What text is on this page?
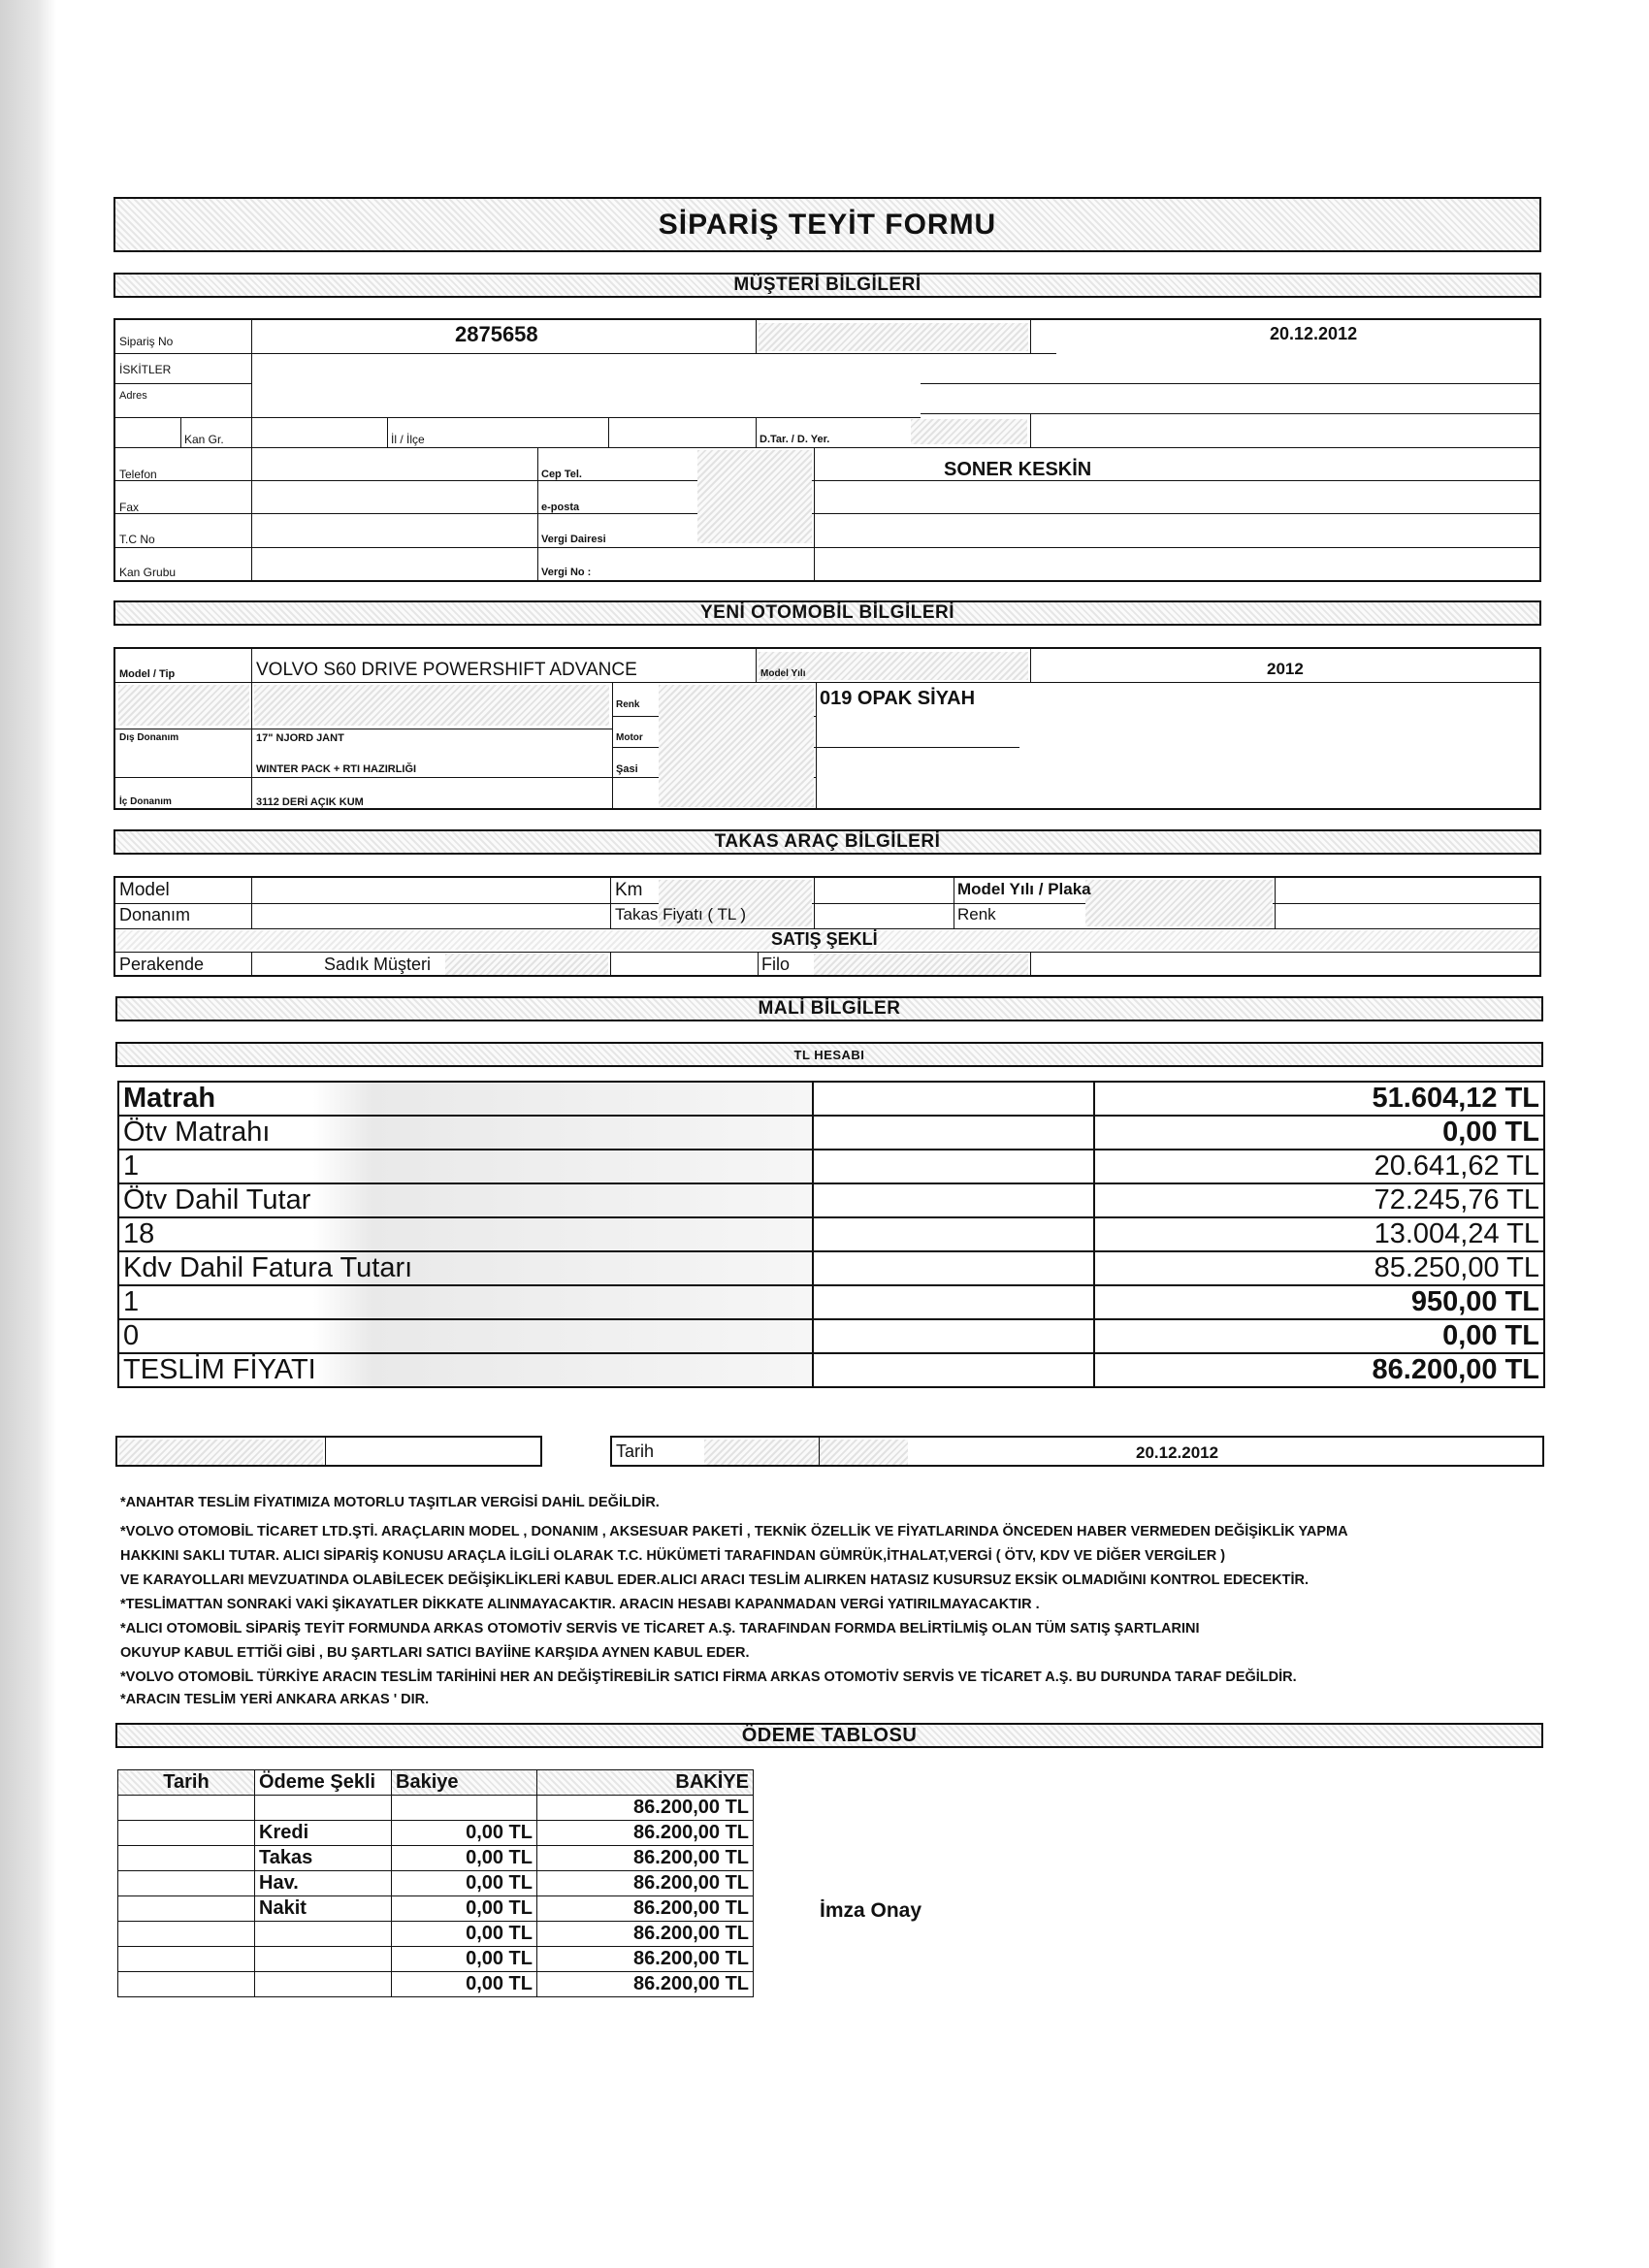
SİPARİŞ TEYİT FORMU
MÜŞTERİ BİLGİLERİ
Sipariş No	2875658	20.12.2012
İSKİTLER
Adres
Kan Gr.	İl / İlçe	D.Tar. / D. Yer.
Telefon	Cep Tel.	SONER KESKİN
Fax	e-posta
T.C No	Vergi Dairesi
Kan Grubu	Vergi No :
YENİ OTOMOBİL BİLGİLERİ
Model / Tip	VOLVO S60 DRIVE POWERSHIFT ADVANCE	Model Yılı	2012
Renk	019 OPAK SİYAH
Dış Donanım	17" NJORD JANT	Motor
WINTER PACK + RTI HAZIRLIĞI	Şasi
İç Donanım	3112 DERİ AÇIK KUM
TAKAS ARAÇ BİLGİLERİ
Model	Km	Model Yılı / Plaka
Donanım	Takas Fiyatı ( TL )	Renk
SATIŞ ŞEKLİ
Perakende	Sadık Müşteri	Filo
MALİ BİLGİLER
TL HESABI
Matrah		51.604,12 TL
Ötv Matrahı		0,00 TL
1		20.641,62 TL
Ötv Dahil Tutar		72.245,76 TL
18		13.004,24 TL
Kdv Dahil Fatura Tutarı		85.250,00 TL
1		950,00 TL
0		0,00 TL
TESLİM FİYATI		86.200,00 TL
Tarih	20.12.2012
*ANAHTAR TESLİM FİYATIMIZA MOTORLU TAŞITLAR VERGİSİ DAHİL DEĞİLDİR.
*VOLVO OTOMOBİL TİCARET LTD.ŞTİ. ARAÇLARIN MODEL , DONANIM , AKSESUAR PAKETİ , TEKNİK ÖZELLİK VE FİYATLARINDA ÖNCEDEN HABER VERMEDEN DEĞİŞİKLİK YAPMA
HAKKINI SAKLI TUTAR. ALICI SİPARİŞ KONUSU ARAÇLA İLGİLİ OLARAK T.C. HÜKÜMETİ TARAFINDAN GÜMRÜK,İTHALAT,VERGİ ( ÖTV, KDV VE DİĞER VERGİLER )
VE KARAYOLLARI MEVZUATINDA OLABİLECEK DEĞİŞİKLİKLERİ KABUL EDER.ALICI ARACI TESLİM ALIRKEN HATASIZ KUSURSUZ EKSİK OLMADIĞINI KONTROL EDECEKTİR.
*TESLİMATTAN SONRAKİ VAKİ ŞİKAYATLER DİKKATE ALINMAYACAKTIR. ARACIN HESABI KAPANMADAN VERGİ YATIRILMAYACAKTIR .
*ALICI OTOMOBİL SİPARİŞ TEYİT FORMUNDA ARKAS OTOMOTİV SERVİS VE TİCARET A.Ş. TARAFINDAN FORMDA BELİRTİLMİŞ OLAN TÜM SATIŞ ŞARTLARINI
OKUYUP KABUL ETTİĞİ GİBİ , BU ŞARTLARI SATICI BAYİİNE KARŞIDA AYNEN KABUL EDER.
*VOLVO OTOMOBİL TÜRKİYE ARACIN TESLİM TARİHİNİ HER AN DEĞİŞTİREBİLİR SATICI FİRMA ARKAS OTOMOTİV SERVİS VE TİCARET A.Ş. BU DURUNDA TARAF DEĞİLDİR.
*ARACIN TESLİM YERİ ANKARA ARKAS ' DIR.
ÖDEME TABLOSU
Tarih	Ödeme Şekli	Bakiye	BAKİYE
			86.200,00 TL
	Kredi	0,00 TL	86.200,00 TL
	Takas	0,00 TL	86.200,00 TL
	Hav.	0,00 TL	86.200,00 TL
	Nakit	0,00 TL	86.200,00 TL
		0,00 TL	86.200,00 TL
		0,00 TL	86.200,00 TL
		0,00 TL	86.200,00 TL
İmza Onay
